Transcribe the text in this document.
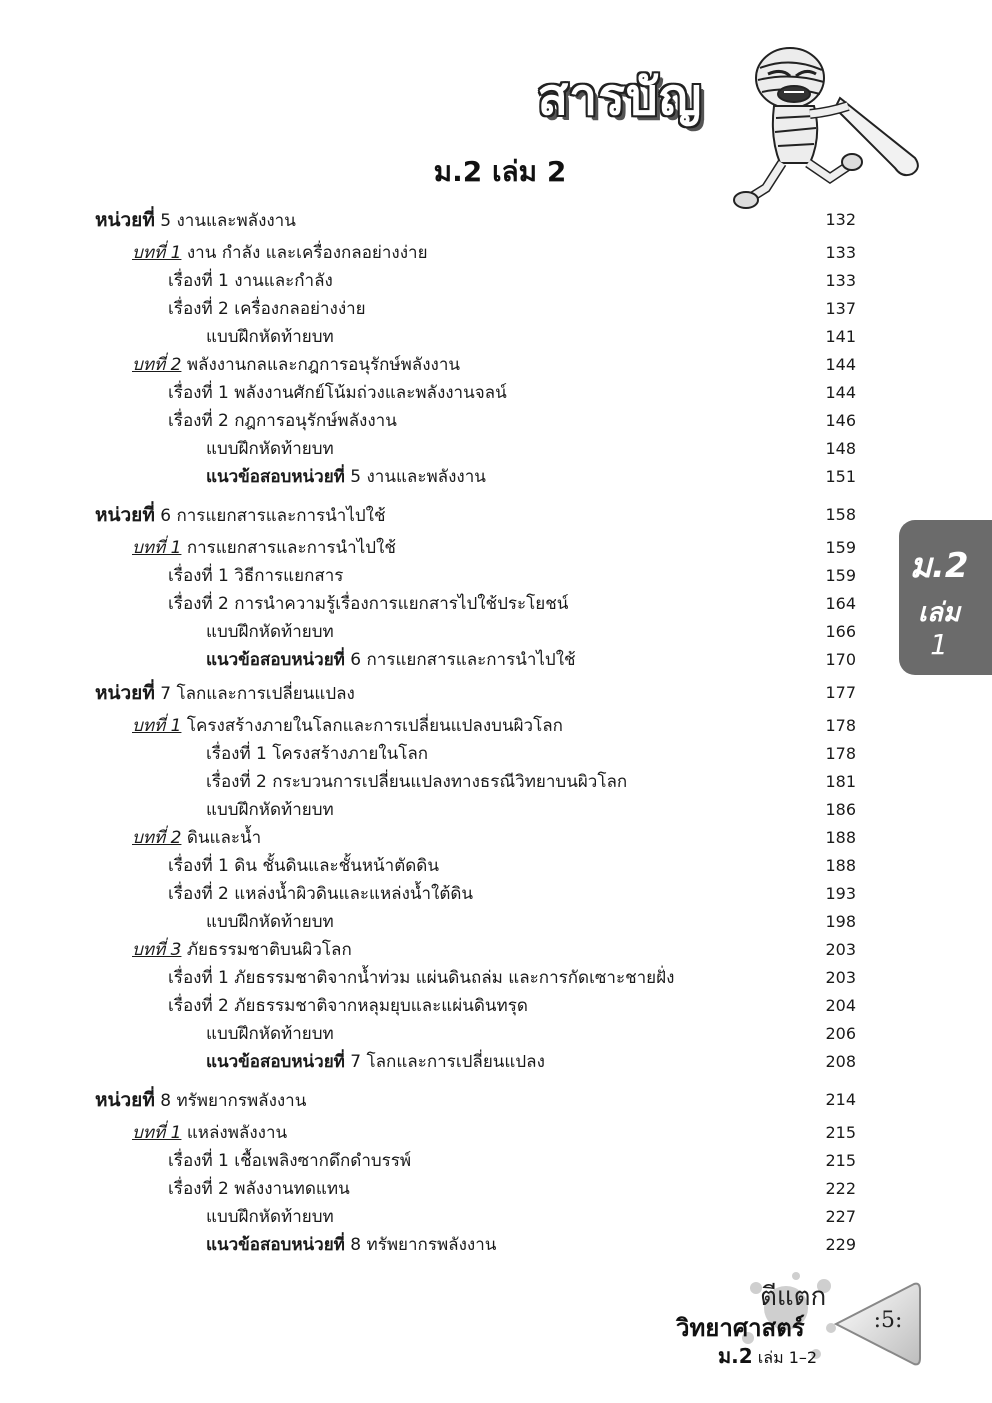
สารบัญ
ม.2 เล่ม 2
หน่วยที่ 5 งานและพลังงาน	132
บทที่ 1 งาน กำลัง และเครื่องกลอย่างง่าย	133
เรื่องที่ 1 งานและกำลัง	133
เรื่องที่ 2 เครื่องกลอย่างง่าย	137
แบบฝึกหัดท้ายบท	141
บทที่ 2 พลังงานกลและกฎการอนุรักษ์พลังงาน	144
เรื่องที่ 1 พลังงานศักย์โน้มถ่วงและพลังงานจลน์	144
เรื่องที่ 2 กฎการอนุรักษ์พลังงาน	146
แบบฝึกหัดท้ายบท	148
แนวข้อสอบหน่วยที่ 5 งานและพลังงาน	151
หน่วยที่ 6 การแยกสารและการนำไปใช้	158
บทที่ 1 การแยกสารและการนำไปใช้	159
เรื่องที่ 1 วิธีการแยกสาร	159
เรื่องที่ 2 การนำความรู้เรื่องการแยกสารไปใช้ประโยชน์	164
แบบฝึกหัดท้ายบท	166
แนวข้อสอบหน่วยที่ 6 การแยกสารและการนำไปใช้	170
หน่วยที่ 7 โลกและการเปลี่ยนแปลง	177
บทที่ 1 โครงสร้างภายในโลกและการเปลี่ยนแปลงบนผิวโลก	178
เรื่องที่ 1 โครงสร้างภายในโลก	178
เรื่องที่ 2 กระบวนการเปลี่ยนแปลงทางธรณีวิทยาบนผิวโลก	181
แบบฝึกหัดท้ายบท	186
บทที่ 2 ดินและน้ำ	188
เรื่องที่ 1 ดิน ชั้นดินและชั้นหน้าตัดดิน	188
เรื่องที่ 2 แหล่งน้ำผิวดินและแหล่งน้ำใต้ดิน	193
แบบฝึกหัดท้ายบท	198
บทที่ 3 ภัยธรรมชาติบนผิวโลก	203
เรื่องที่ 1 ภัยธรรมชาติจากน้ำท่วม แผ่นดินถล่ม และการกัดเซาะชายฝั่ง	203
เรื่องที่ 2 ภัยธรรมชาติจากหลุมยุบและแผ่นดินทรุด	204
แบบฝึกหัดท้ายบท	206
แนวข้อสอบหน่วยที่ 7 โลกและการเปลี่ยนแปลง	208
หน่วยที่ 8 ทรัพยากรพลังงาน	214
บทที่ 1 แหล่งพลังงาน	215
เรื่องที่ 1 เชื้อเพลิงซากดึกดำบรรพ์	215
เรื่องที่ 2 พลังงานทดแทน	222
แบบฝึกหัดท้ายบท	227
แนวข้อสอบหน่วยที่ 8 ทรัพยากรพลังงาน	229
ม.2
เล่ม
1
ตีแตก
วิทยาศาสตร์
ม.2 เล่ม 1–2
:5:
